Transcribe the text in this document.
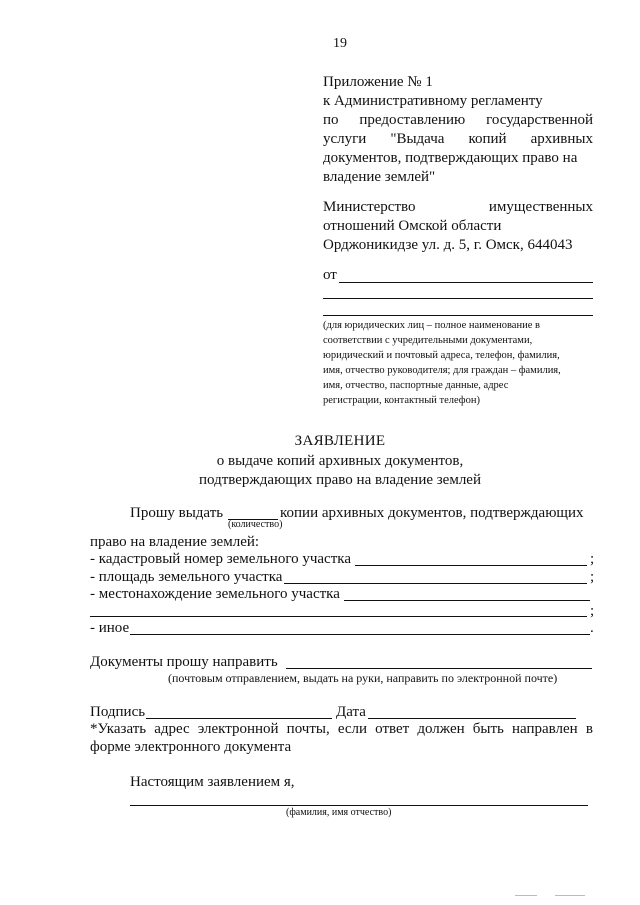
19
Приложение № 1
к Административному регламенту
по предоставлению государственной
услуги "Выдача копий архивных
документов, подтверждающих право на
владение землей"
Министерство	имущественных
отношений Омской области
Орджоникидзе ул. д. 5, г. Омск, 644043
от
(для юридических лиц – полное наименование в
соответствии с учредительными документами,
юридический и почтовый адреса, телефон, фамилия,
имя, отчество руководителя; для граждан – фамилия,
имя, отчество, паспортные данные, адрес
регистрации, контактный телефон)
ЗАЯВЛЕНИЕ
о выдаче копий архивных документов,
подтверждающих право на владение землей
Прошу выдать	копии архивных документов, подтверждающих
(количество)
право на владение землей:
- кадастровый номер земельного участка	;
- площадь земельного участка	;
- местонахождение земельного участка
;
- иное	.
Документы прошу направить
(почтовым отправлением, выдать на руки, направить по электронной почте)
Подпись	Дата
*Указать адрес электронной почты, если ответ должен быть направлен в
форме электронного документа
Настоящим заявлением я,
(фамилия, имя отчество)
